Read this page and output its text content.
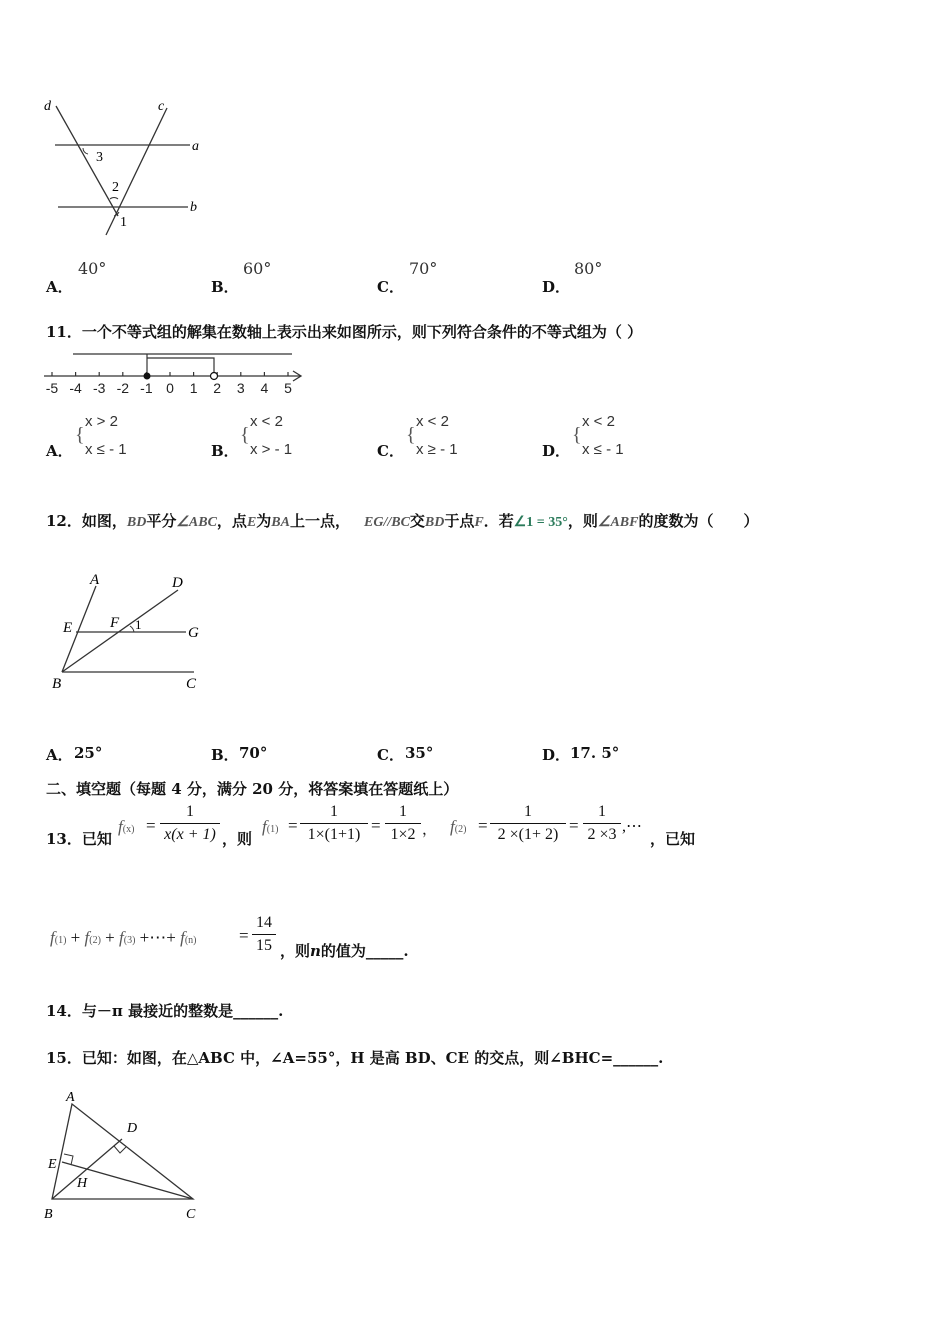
d	c
a
b
3
2
1
A．
40°
B．
60°
C．
70°
D．
80°
11．一个不等式组的解集在数轴上表示出来如图所示，则下列符合条件的不等式组为（ ）
-5 -4 -3 -2 -1 0 1 2 3 4 5
A．
{
x > 2
x ≤ - 1	B．
{
x < 2
x > - 1	C．
{
x < 2
x ≥ - 1	D．
{
x < 2
x ≤ - 1
12．如图， BD 平分 ∠ABC ，点 E 为 BA 上一点， EG//BC 交 BD 于点 F ．若 ∠1 = 35° ，则 ∠ABF 的度数为（　　）
A	D
E	F 1
G
B	C
A． 25°	B． 70°	C． 35°	D． 17. 5°
二、填空题（每题 4 分，满分 20 分，将答案填在答题纸上）
13．已知
f(x) =
1
x(x + 1) ，则
f(1) =
1
1×(1+1) =
1
1×2 ， f(2) =
1
2 ×(1+ 2) =
1
2 ×3 ,⋯
，已知
f(1) + f(2) + f(3) +⋯+ f(n)	=
14
15 ，则n的值为_____.
14．与－π 最接近的整数是______.
15．已知：如图，在△ABC 中，∠A=55°，H 是高 BD、CE 的交点，则∠BHC=______.
A
D
E
H
B	C
